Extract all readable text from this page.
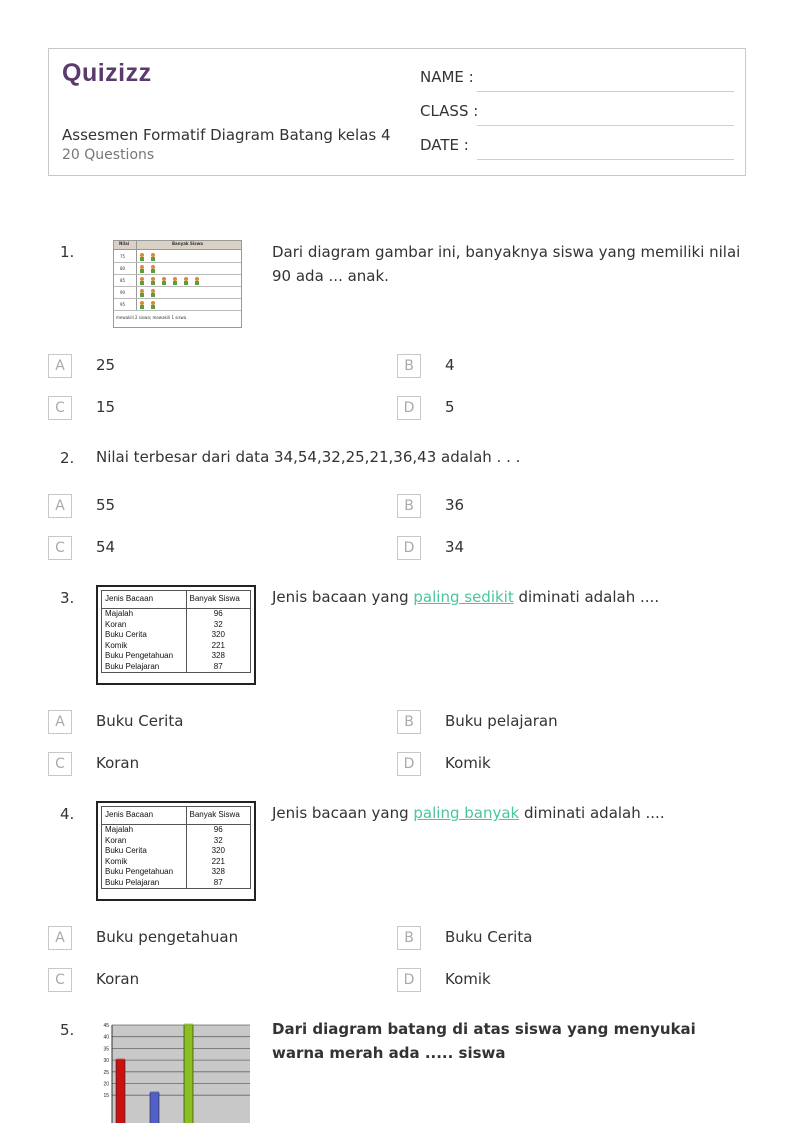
Quizizz
Assesmen Formatif Diagram Batang kelas 4
20 Questions
NAME :
CLASS :
DATE :
1.	Nilai	Banyak Siswa
75
80
85
90
95
mewakili 2 siswa; mewakili 1 siswa
Dari diagram gambar ini, banyaknya siswa yang memiliki nilai 90 ada ... anak.
A	25	B	4
C	15	D	5
2. Nilai terbesar dari data 34,54,32,25,21,36,43 adalah . . .
A	55	B	36
C	54	D	34
3.	Jenis Bacaan	Banyak Siswa
Majalah	96
Koran	32
Buku Cerita	320
Komik	221
Buku Pengetahuan	328
Buku Pelajaran	87
Jenis bacaan yang paling sedikit diminati adalah ....
A	Buku Cerita	B	Buku pelajaran
C	Koran	D	Komik
4.	Jenis Bacaan	Banyak Siswa
Majalah	96
Koran	32
Buku Cerita	320
Komik	221
Buku Pengetahuan	328
Buku Pelajaran	87
Jenis bacaan yang paling banyak diminati adalah ....
A	Buku pengetahuan	B	Buku Cerita
C	Koran	D	Komik
5.	45
40
35
30
25
20
15
Dari diagram batang di atas siswa yang menyukai warna merah ada ..... siswa
